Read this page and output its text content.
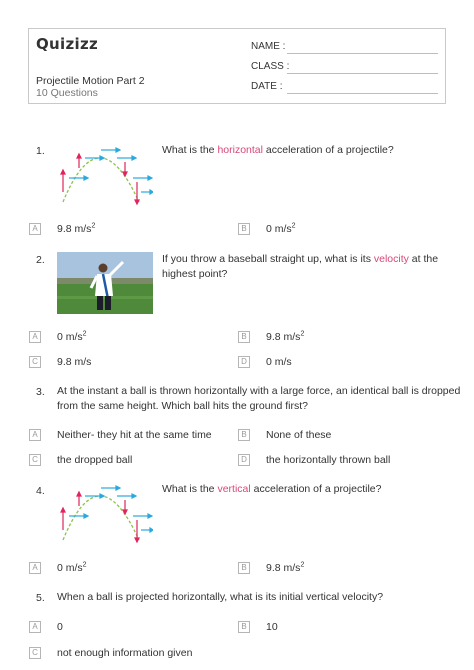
Quizizz
Projectile Motion Part 2
10 Questions
NAME :
CLASS :
DATE :
1.	What is the horizontal acceleration of a projectile?
A	9.8 $m/s^2$	B	0 $m/s^2$
2.	If you throw a baseball straight up, what is its velocity at the highest point?
A	0 $m/s^2$	B	9.8 $m/s^2$
C 9.8 m/s	D 0 m/s
3. At the instant a ball is thrown horizontally with a large force, an identical ball is dropped
from the same height. Which ball hits the ground first?
A	Neither- they hit at the same time	B	None of these
C the dropped ball	D the horizontally thrown ball
4.	What is the vertical acceleration of a projectile?
A	0 $m/s^2$	B	9.8 $m/s^2$
5. When a ball is projected horizontally, what is its initial vertical velocity?
A	0	B	10
C not enough information given
